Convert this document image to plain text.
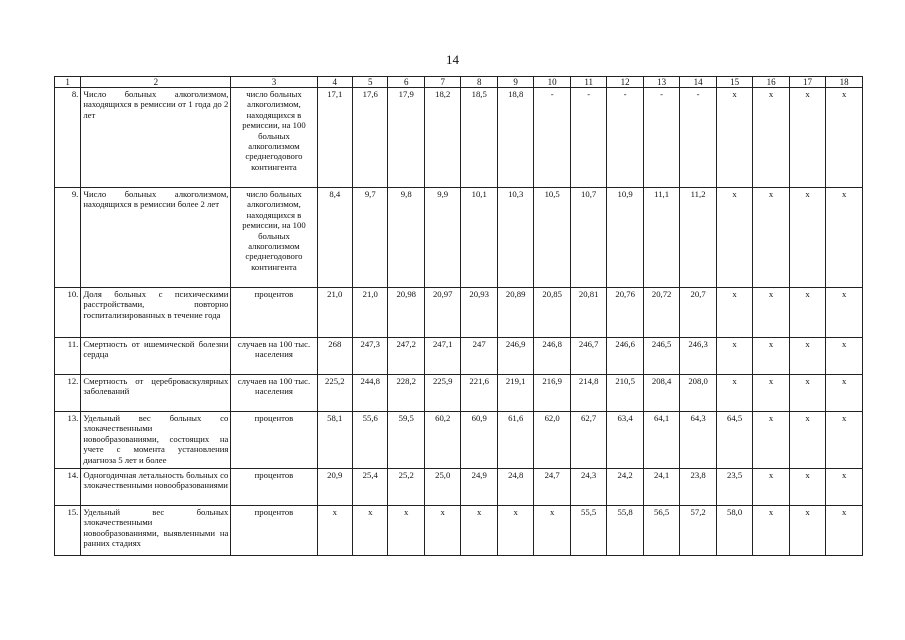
14
1	2	3	4	5	6	7	8	9	10	11	12	13	14	15	16	17	18
8.	Число больных алкоголизмом, находящихся в ремиссии от 1 года до 2 лет	число больных алкоголизмом, находящихся в ремиссии, на 100 больных алкоголизмом среднегодового контингента	17,1	17,6	17,9	18,2	18,5	18,8	-	-	-	-	-	x	x	x	x
9.	Число больных алкоголизмом, находящихся в ремиссии более 2 лет	число больных алкоголизмом, находящихся в ремиссии, на 100 больных алкоголизмом среднегодового контингента	8,4	9,7	9,8	9,9	10,1	10,3	10,5	10,7	10,9	11,1	11,2	x	x	x	x
10.	Доля больных с психическими расстройствами, повторно госпитализированных в течение года	процентов	21,0	21,0	20,98	20,97	20,93	20,89	20,85	20,81	20,76	20,72	20,7	x	x	x	x
11.	Смертность от ишемической болезни сердца	случаев на 100 тыс. населения	268	247,3	247,2	247,1	247	246,9	246,8	246,7	246,6	246,5	246,3	x	x	x	x
12.	Смертность от цереброваскулярных заболеваний	случаев на 100 тыс. населения	225,2	244,8	228,2	225,9	221,6	219,1	216,9	214,8	210,5	208,4	208,0	x	x	x	x
13.	Удельный вес больных со злокачественными новообразованиями, состоящих на учете с момента установления диагноза 5 лет и более	процентов	58,1	55,6	59,5	60,2	60,9	61,6	62,0	62,7	63,4	64,1	64,3	64,5	x	x	x
14.	Одногодичная летальность больных со злокачественными новообразованиями	процентов	20,9	25,4	25,2	25,0	24,9	24,8	24,7	24,3	24,2	24,1	23,8	23,5	x	x	x
15.	Удельный вес больных злокачественными новообразованиями, выявленными на ранних стадиях	процентов	x	x	x	x	x	x	x	55,5	55,8	56,5	57,2	58,0	x	x	x
